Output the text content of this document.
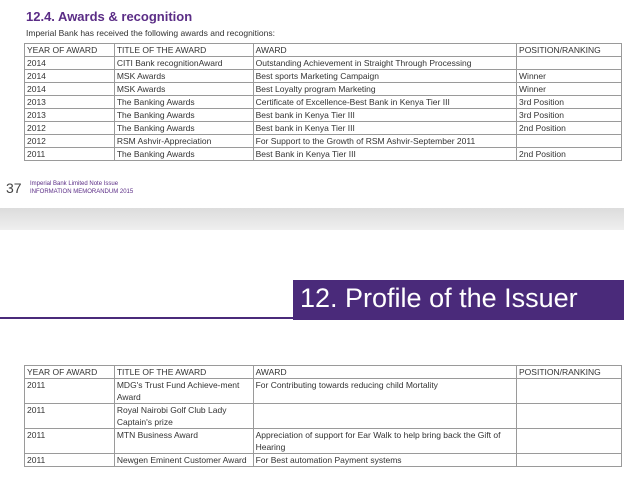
12.4. Awards & recognition
Imperial Bank has received the following awards and recognitions:
YEAR OF AWARD	TITLE OF THE AWARD	AWARD	POSITION/RANKING
2014	CITI Bank recognitionAward	Outstanding Achievement in Straight Through Processing	
2014	MSK Awards	Best sports Marketing Campaign	Winner
2014	MSK Awards	Best Loyalty program Marketing	Winner
2013	The Banking Awards	Certificate of Excellence-Best Bank in Kenya Tier III	3rd Position
2013	The Banking Awards	Best bank in Kenya Tier III	3rd Position
2012	The Banking Awards	Best bank in Kenya Tier III	2nd Position
2012	RSM Ashvir-Appreciation	For Support to the Growth of RSM Ashvir-September 2011	
2011	The Banking Awards	Best Bank in Kenya Tier III	2nd Position
37 Imperial Bank Limited Note Issue
INFORMATION MEMORANDUM 2015
12. Profile of the Issuer
YEAR OF AWARD	TITLE OF THE AWARD	AWARD	POSITION/RANKING
2011	MDG's Trust Fund Achieve-ment Award	For Contributing towards reducing child Mortality	
2011	Royal Nairobi Golf Club Lady Captain's prize		
2011	MTN Business Award	Appreciation of support for Ear Walk to help bring back the Gift of Hearing	
2011	Newgen Eminent Customer Award	For Best automation Payment systems	
